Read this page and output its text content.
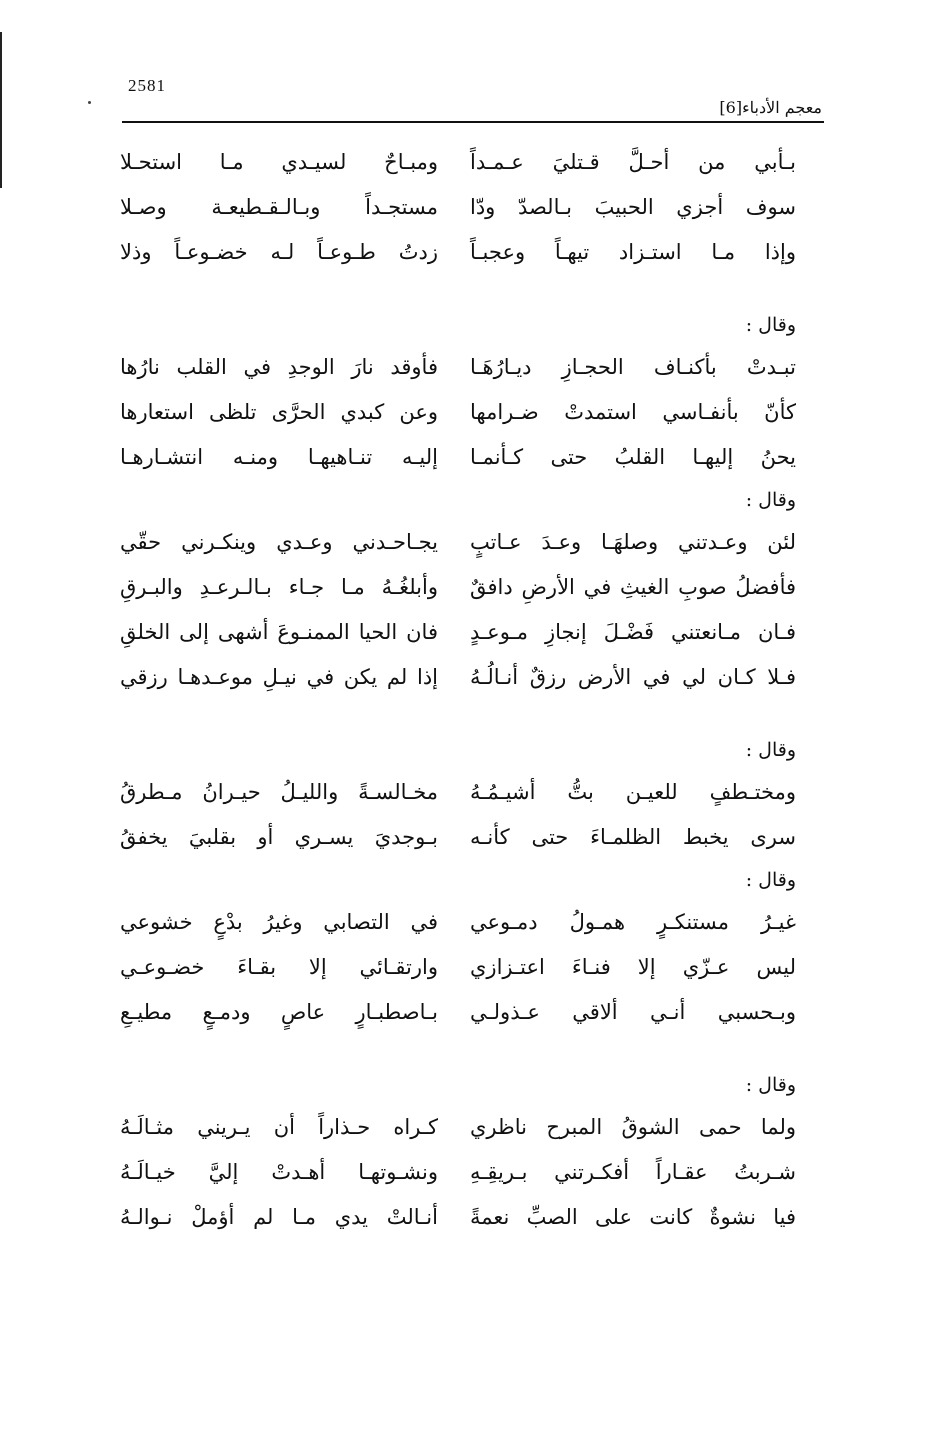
2581
معجم الأدباء[6]
بـأبي من أحـلَّ قـتليَ عـمـداً
ومبـاحٌ لسيـدي مـا استحـلا
سوف أجزي الحبيبَ بـالصدّ ودّا
مستجـداً وبـالـقـطيعـة وصـلا
وإذا مـا استـزاد تيهـاً وعجبـاً
زدتُ طـوعـاً لـه خضـوعـاً وذلا
وقال :
تبـدتْ بأكنـاف الحجـازِ ديـارُهَـا
فأوقد نارَ الوجدِ في القلب نارُها
كأنّ بأنفـاسي استمدتْ ضـرامها
وعن كبدي الحرَّى تلظى استعارها
يحنُ إليهـا القلبُ حتى كـأنمـا
إليـه تنـاهيهـا ومنـه انتشـارهـا
وقال :
لئن وعـدتني وصلهَـا وعـدَ عـاتبٍ
يجـاحـدني وعـدي وينكـرني حقّي
فأفضلُ صوبِ الغيثِ في الأرضِ دافقٌ
وأبلغُـهُ مـا جـاء بـالـرعـدِ والبـرقِ
فـان مـانعتني فَضْـلَ إنجازِ مـوعـدٍ
فان الحيا الممنـوعَ أشهى إلى الخلقِ
فـلا كـان لي في الأرض رزقٌ أنـالُـهُ
إذا لم يكن في نيـلِ موعـدهـا رزقي
وقال :
ومختـطفٍ للعيـن بتُّ أشيـمُـهُ
مخـالسـةً والليـلُ حيـرانُ مـطرقُ
سرى يخبط الظلمـاءَ حتى كأنـه
بـوجديَ يسـري أو بقلبيَ يخفقُ
وقال :
غيـرُ مستنكـرٍ همـولُ دمـوعي
في التصابي وغيرُ بدْعٍ خشوعي
ليس عـزّي إلا فنـاءَ اعتـزازي
وارتقـائي إلا بقـاءَ خضـوعـي
وبـحسبي أنـي ألاقي عـذولـي
بـاصطبـارٍ عاصٍ ودمـعٍ مطيـعِ
وقال :
ولما حمى الشوقُ المبرح ناظري
كـراه حـذاراً أن يـريني مثـالَـهُ
شـربتُ عقـاراً أفكـرتني بـريقِـهِ
ونشـوتهـا أهـدتْ إليَّ خيـالَـهُ
فيا نشوةٌ كانت على الصبِّ نعمةً
أنـالتْ يدي مـا لم أؤملْ نـوالـهُ
